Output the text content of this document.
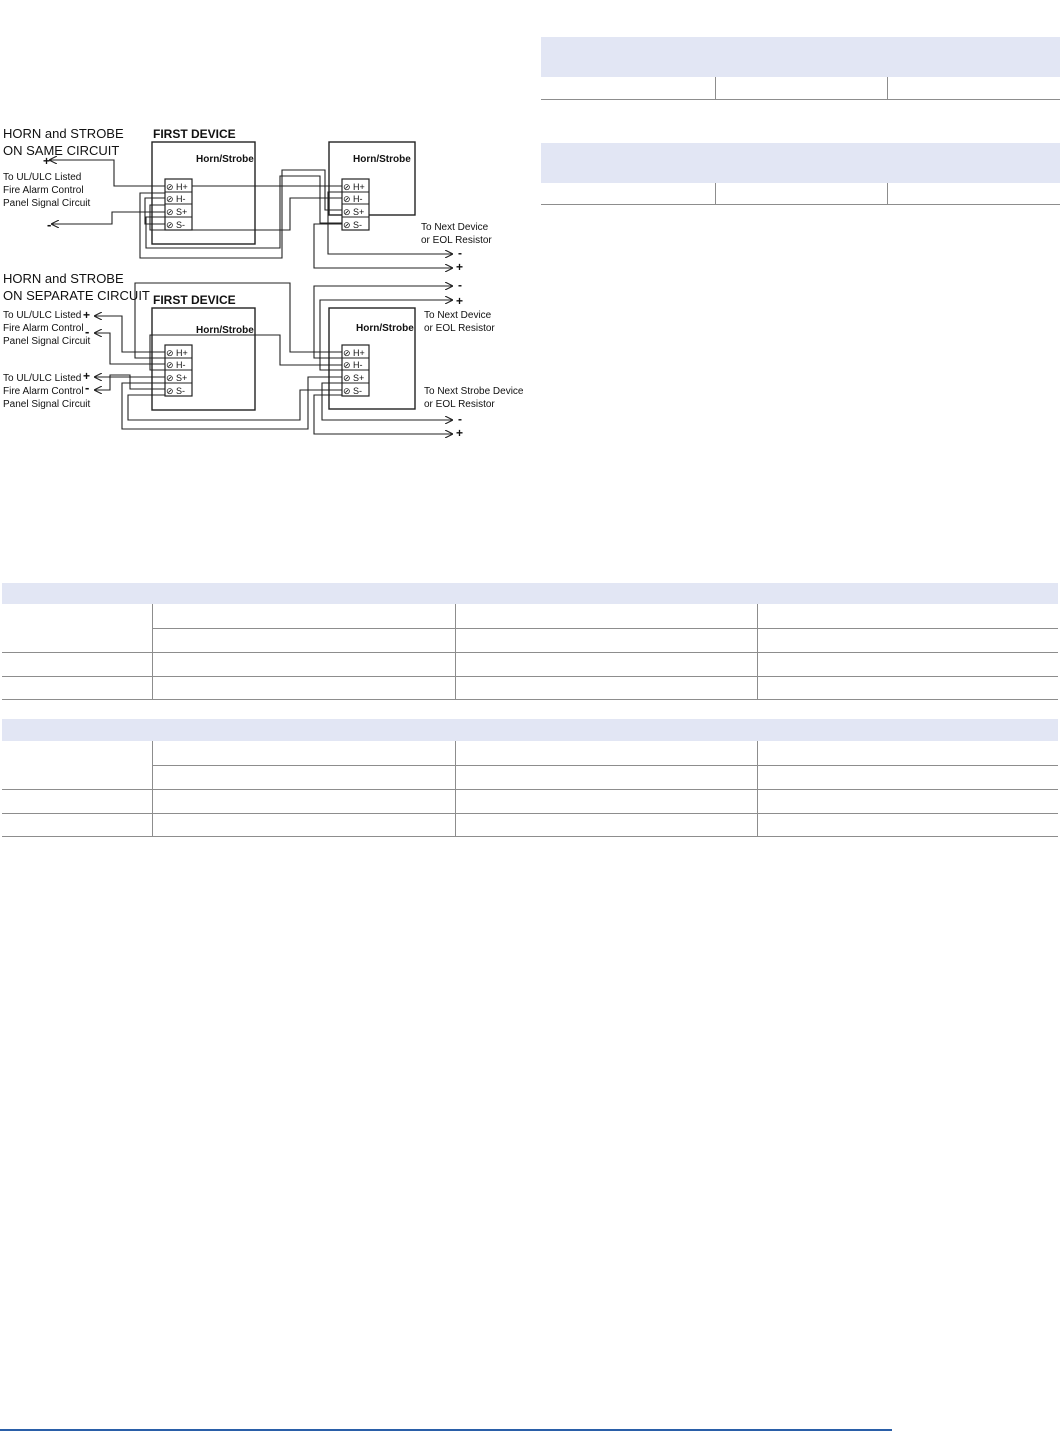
HORN and STROBE
ON SAME CIRCUIT
To UL/ULC Listed
Fire Alarm Control
Panel Signal Circuit
+
-
FIRST DEVICE
Horn/Strobe
⊘
⊘
⊘
⊘
H+
H-
S+
S-
Horn/Strobe
⊘
⊘
⊘
⊘
H+
H-
S+
S-	To Next Device
or EOL Resistor
-
+
HORN and STROBE
ON SEPARATE CIRCUIT
To UL/ULC Listed
Fire Alarm Control
Panel Signal Circuit
+
-
To UL/ULC Listed
Fire Alarm Control
Panel Signal Circuit
+
-
FIRST DEVICE
Horn/Strobe
⊘
⊘
⊘
⊘
H+
H-
S+
S-
Horn/Strobe
⊘
⊘
⊘
⊘
H+
H-
S+
S-
To Next Device
or EOL Resistor
To Next Strobe Device
or EOL Resistor
-
+
-
+
